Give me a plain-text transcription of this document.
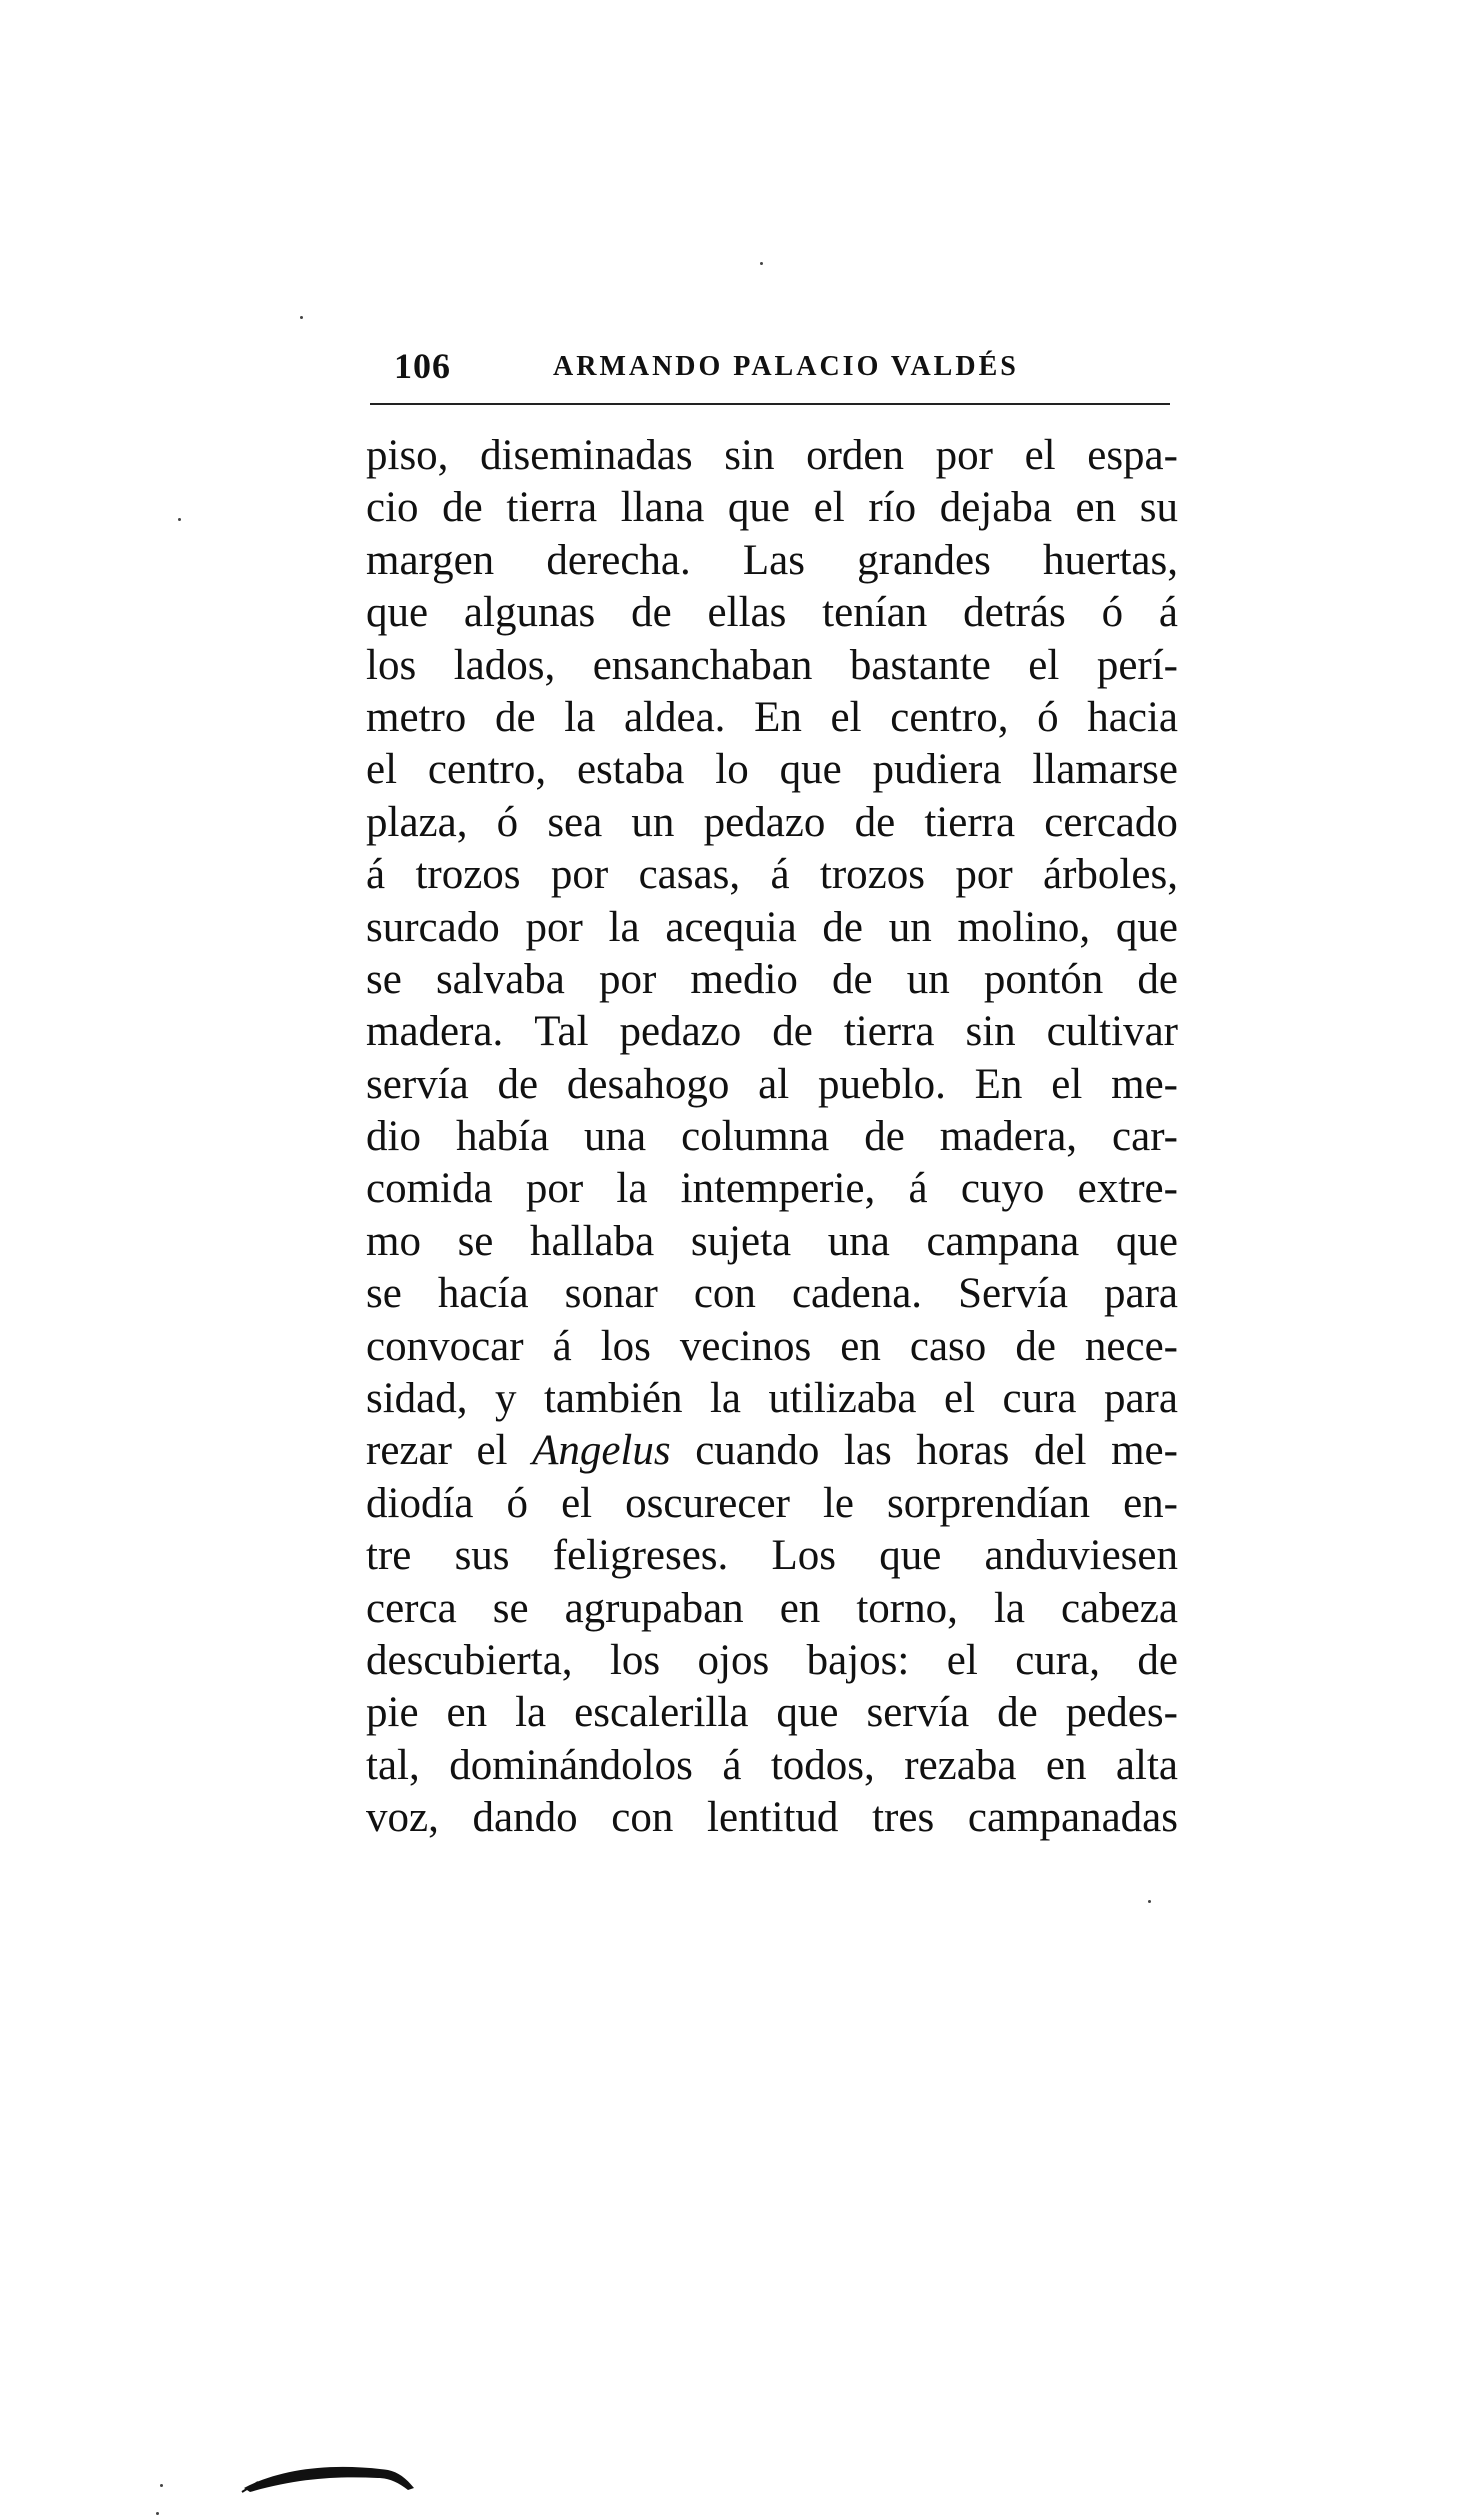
106	ARMANDO PALACIO VALDÉS
piso, diseminadas sin orden por el espa-
cio de tierra llana que el río dejaba en su
margen derecha. Las grandes huertas,
que algunas de ellas tenían detrás ó á
los lados, ensanchaban bastante el perí-
metro de la aldea. En el centro, ó hacia
el centro, estaba lo que pudiera llamarse
plaza, ó sea un pedazo de tierra cercado
á trozos por casas, á trozos por árboles,
surcado por la acequia de un molino, que
se salvaba por medio de un pontón de
madera. Tal pedazo de tierra sin cultivar
servía de desahogo al pueblo. En el me-
dio había una columna de madera, car-
comida por la intemperie, á cuyo extre-
mo se hallaba sujeta una campana que
se hacía sonar con cadena. Servía para
convocar á los vecinos en caso de nece-
sidad, y también la utilizaba el cura para
rezar el Angelus cuando las horas del me-
diodía ó el oscurecer le sorprendían en-
tre sus feligreses. Los que anduviesen
cerca se agrupaban en torno, la cabeza
descubierta, los ojos bajos: el cura, de
pie en la escalerilla que servía de pedes-
tal, dominándolos á todos, rezaba en alta
voz, dando con lentitud tres campanadas
